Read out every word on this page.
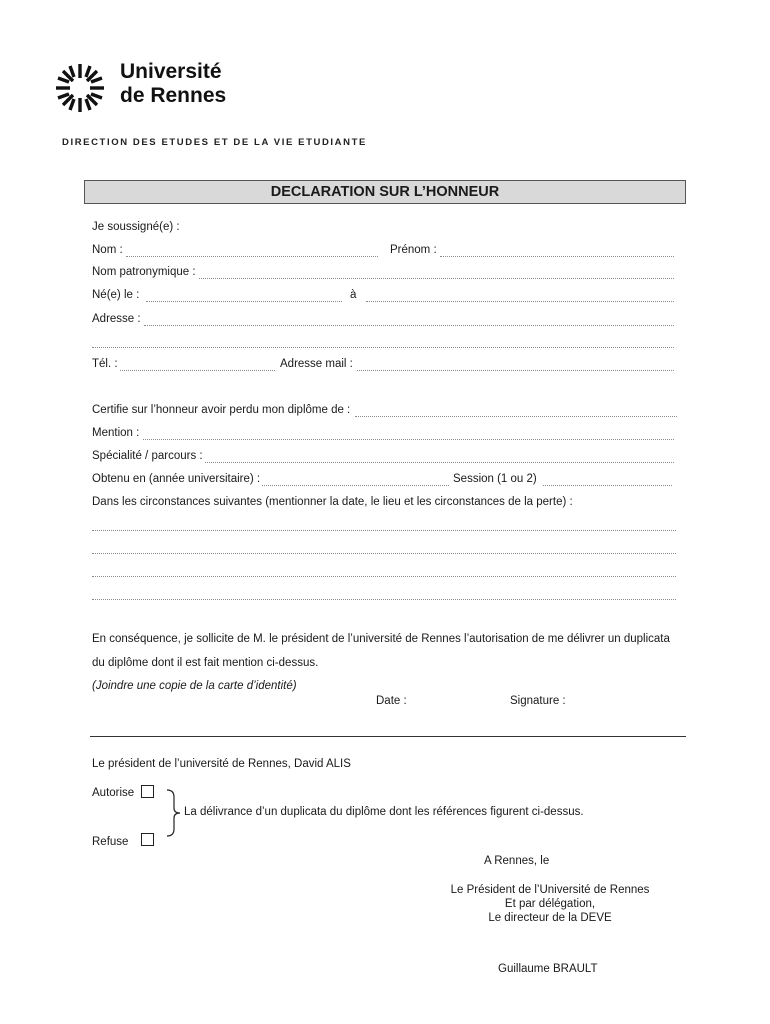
Université
de Rennes
DIRECTION DES ETUDES ET DE LA VIE ETUDIANTE
DECLARATION SUR L’HONNEUR
Je soussigné(e) :
Nom :	Prénom :
Nom patronymique :
Né(e) le :	à
Adresse :
Tél. :	Adresse mail :
Certifie sur l’honneur avoir perdu mon diplôme de :
Mention :
Spécialité / parcours :
Obtenu en (année universitaire) :	Session (1 ou 2)
Dans les circonstances suivantes (mentionner la date, le lieu et les circonstances de la perte) :
En conséquence, je sollicite de M. le président de l’université de Rennes l’autorisation de me délivrer un duplicata
du diplôme dont il est fait mention ci-dessus.
(Joindre une copie de la carte d’identité)
Date :	Signature :
Le président de l’université de Rennes, David ALIS
Autorise
La délivrance d’un duplicata du diplôme dont les références figurent ci-dessus.
Refuse
A Rennes, le
Le Président de l’Université de Rennes
Et par délégation,
Le directeur de la DEVE
Guillaume BRAULT
